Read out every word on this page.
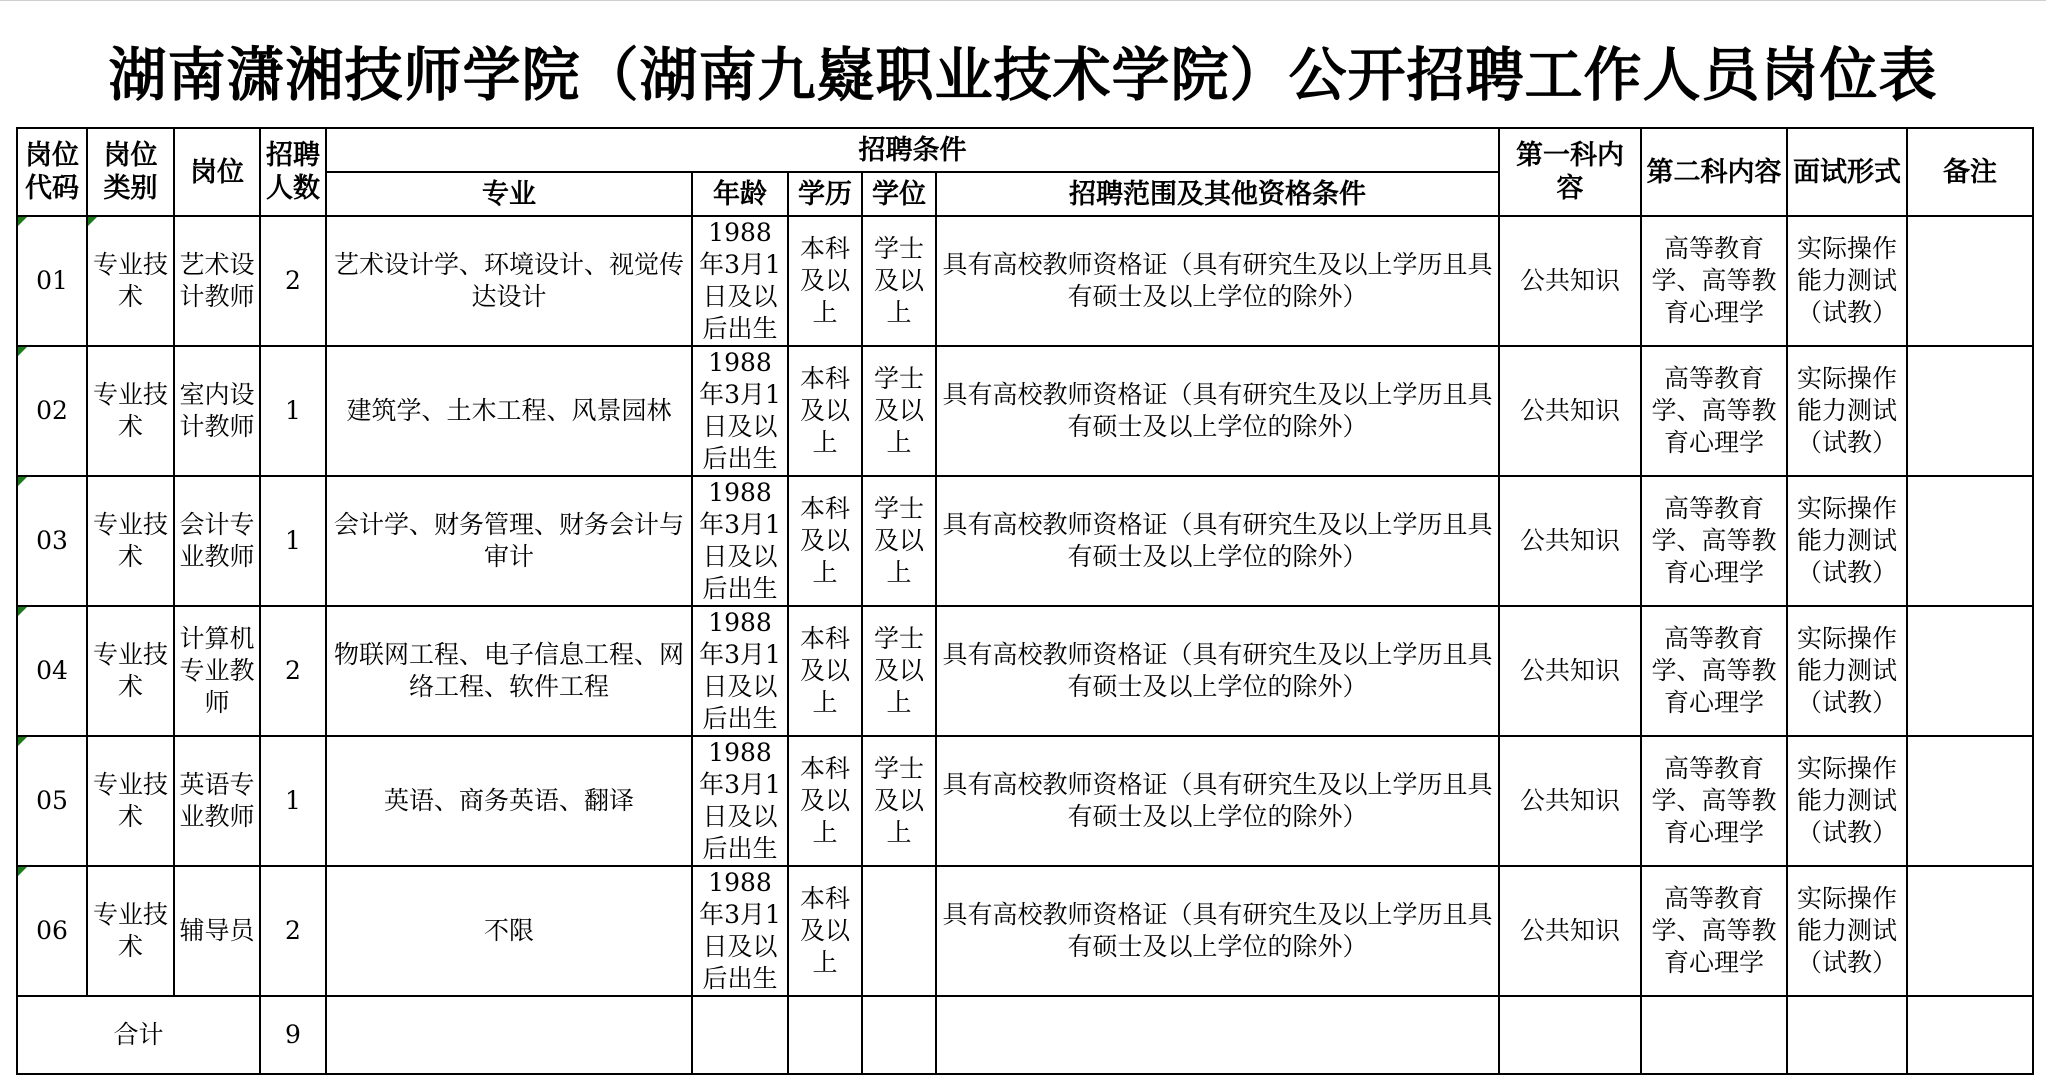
湖南潇湘技师学院（湖南九嶷职业技术学院）公开招聘工作人员岗位表
岗位代码	岗位类别	岗位	招聘人数	招聘条件					第一科内容	第二科内容	面试形式	备注
				专业	年龄	学历	学位	招聘范围及其他资格条件				
01	专业技术	艺术设计教师	2	艺术设计学、环境设计、视觉传达设计	1988年3月1日及以后出生	本科及以上	学士及以上	具有高校教师资格证（具有研究生及以上学历且具有硕士及以上学位的除外）	公共知识	高等教育学、高等教育心理学	实际操作能力测试（试教）	
02	专业技术	室内设计教师	1	建筑学、土木工程、风景园林	1988年3月1日及以后出生	本科及以上	学士及以上	具有高校教师资格证（具有研究生及以上学历且具有硕士及以上学位的除外）	公共知识	高等教育学、高等教育心理学	实际操作能力测试（试教）	
03	专业技术	会计专业教师	1	会计学、财务管理、财务会计与审计	1988年3月1日及以后出生	本科及以上	学士及以上	具有高校教师资格证（具有研究生及以上学历且具有硕士及以上学位的除外）	公共知识	高等教育学、高等教育心理学	实际操作能力测试（试教）	
04	专业技术	计算机专业教师	2	物联网工程、电子信息工程、网络工程、软件工程	1988年3月1日及以后出生	本科及以上	学士及以上	具有高校教师资格证（具有研究生及以上学历且具有硕士及以上学位的除外）	公共知识	高等教育学、高等教育心理学	实际操作能力测试（试教）	
05	专业技术	英语专业教师	1	英语、商务英语、翻译	1988年3月1日及以后出生	本科及以上	学士及以上	具有高校教师资格证（具有研究生及以上学历且具有硕士及以上学位的除外）	公共知识	高等教育学、高等教育心理学	实际操作能力测试（试教）	
06	专业技术	辅导员	2	不限	1988年3月1日及以后出生	本科及以上		具有高校教师资格证（具有研究生及以上学历且具有硕士及以上学位的除外）	公共知识	高等教育学、高等教育心理学	实际操作能力测试（试教）	
合计			9									
